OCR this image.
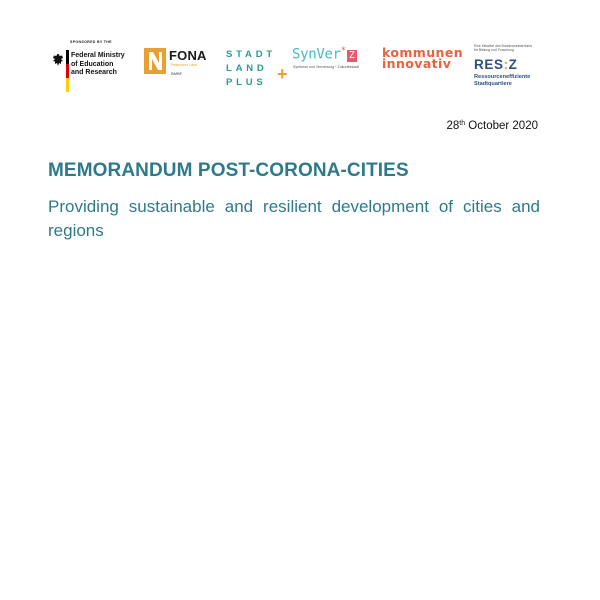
SPONSORED BY THE
Federal Ministry
of Education
and Research
FONA
Ressource Land
BMBF
STADT
LAND
PLUS +
SynVer* Z
Synthese und Vernetzung * Zukunftsstadt
kommunen
innovativ
Eine Initiative des Bundesministeriums für Bildung und Forschung
RES:Z
Ressourceneffiziente
Stadtquartiere
28th October 2020
MEMORANDUM POST-CORONA-CITIES

Providing sustainable and resilient development of cities and regions
